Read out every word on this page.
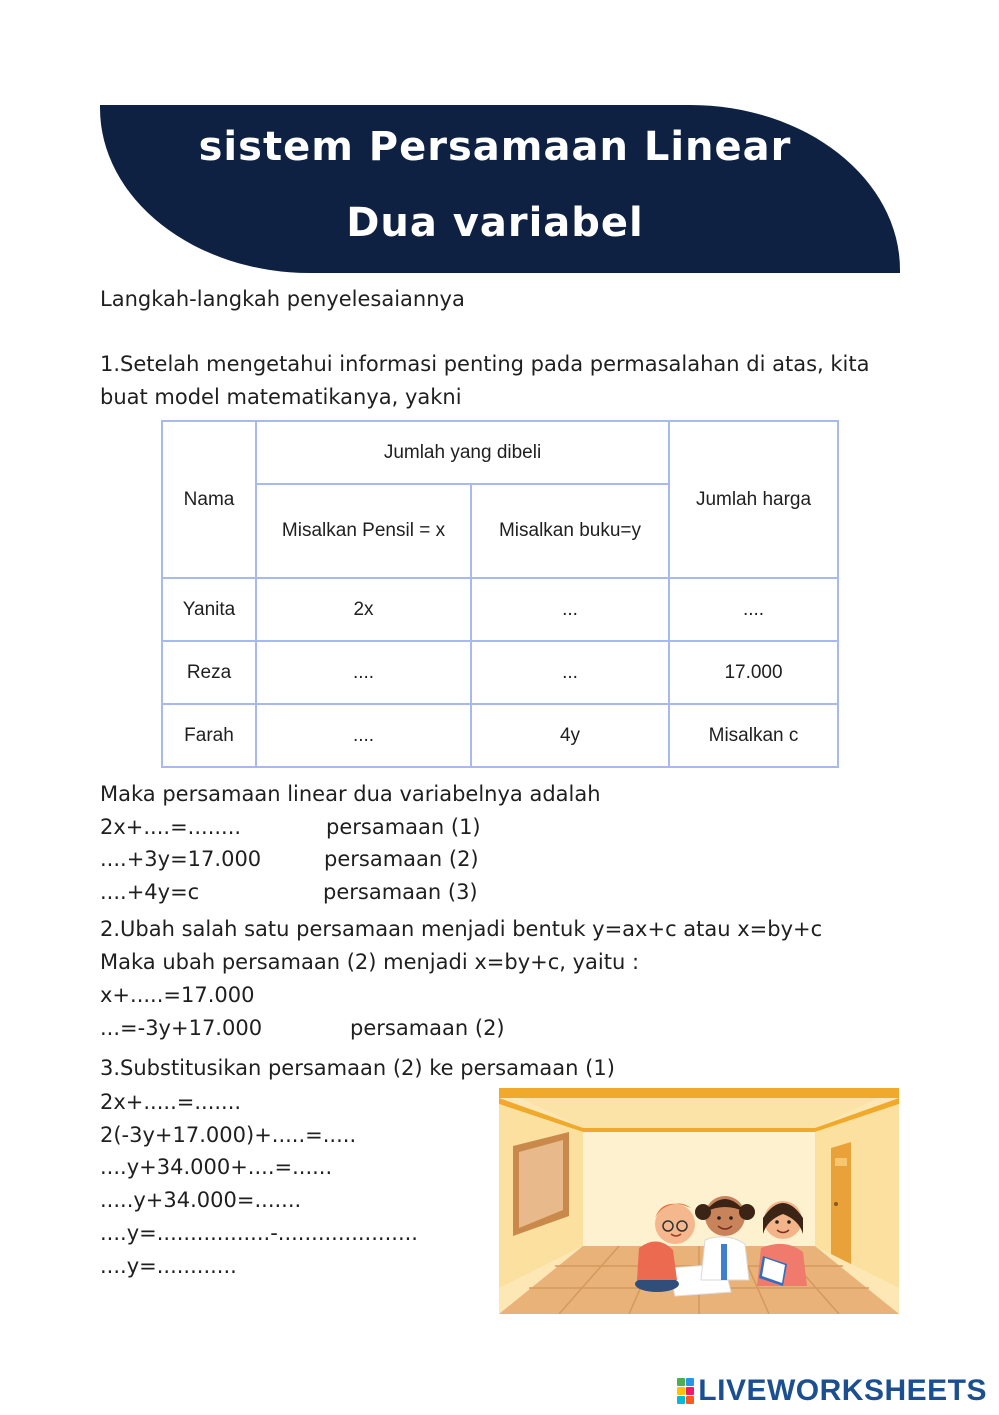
sistem Persamaan Linear
Dua variabel
Langkah-langkah penyelesaiannya
1.Setelah mengetahui informasi penting pada permasalahan di atas, kita buat model matematikanya, yakni
Nama	Jumlah yang dibeli		Jumlah harga
	Misalkan Pensil = x	Misalkan buku=y	
Yanita	2x	...	....
Reza	....	...	17.000
Farah	....	4y	Misalkan c
Maka persamaan linear dua variabelnya adalah
2x+....=........	persamaan (1)
....+3y=17.000	persamaan (2)
....+4y=c	persamaan (3)
2.Ubah salah satu persamaan menjadi bentuk y=ax+c atau x=by+c
Maka ubah persamaan (2) menjadi x=by+c, yaitu :
x+.....=17.000
...=-3y+17.000	persamaan (2)
3.Substitusikan persamaan (2) ke persamaan (1)
2x+.....=.......
2(-3y+17.000)+.....=.....
....y+34.000+....=......
.....y+34.000=.......
....y=.................-.....................
....y=............
LIVEWORKSHEETS
